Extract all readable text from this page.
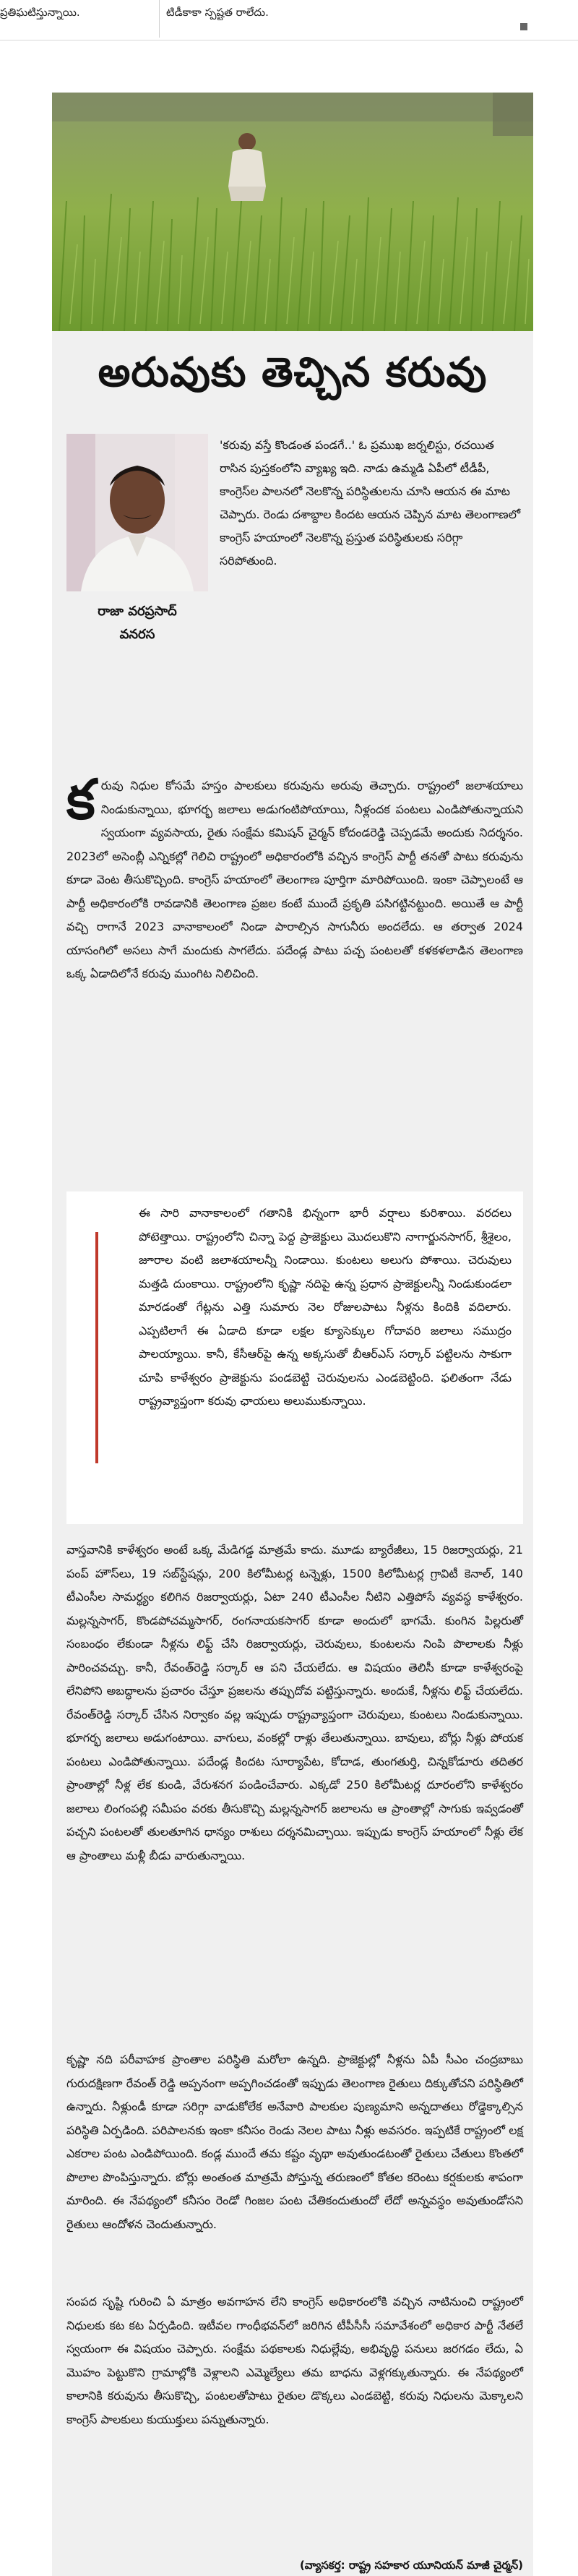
ప్రతిఘటిస్తున్నాయి.	టిడీకాకా స్పష్టత రాలేదు.
అరువుకు తెచ్చిన కరువు
రాజా వరప్రసాద్
వనరస
'కరువు వస్తే కొండంత పండగే..' ఓ ప్రముఖ జర్నలిస్టు, రచయిత రాసిన పుస్తకంలోని వ్యాఖ్య ఇది. నాడు ఉమ్మడి ఏపీలో టీడీపీ, కాంగ్రెస్‌ల పాలనలో నెలకొన్న పరిస్థితులను చూసి ఆయన ఈ మాట చెప్పారు. రెండు దశాబ్దాల కిందట ఆయన చెప్పిన మాట తెలంగాణలో కాంగ్రెస్ హయాంలో నెలకొన్న ప్రస్తుత పరిస్థితులకు సరిగ్గా సరిపోతుంది.
కరువు నిధుల కోసమే హస్తం పాలకులు కరువును అరువు తెచ్చారు. రాష్ట్రంలో జలాశయాలు నిండుకున్నాయి, భూగర్భ జలాలు అడుగంటిపోయాయి, నీళ్లందక పంటలు ఎండిపోతున్నాయని స్వయంగా వ్యవసాయ, రైతు సంక్షేమ కమిషన్ చైర్మన్ కోదండరెడ్డి చెప్పడమే అందుకు నిదర్శనం. 2023లో అసెంబ్లీ ఎన్నికల్లో గెలిచి రాష్ట్రంలో అధికారంలోకి వచ్చిన కాంగ్రెస్ పార్టీ తనతో పాటు కరువును కూడా వెంట తీసుకొచ్చింది. కాంగ్రెస్ హయాంలో తెలంగాణ పూర్తిగా మారిపోయింది. ఇంకా చెప్పాలంటే ఆ పార్టీ అధికారంలోకి రావడానికి తెలంగాణ ప్రజల కంటే ముందే ప్రకృతి పసిగట్టినట్టుంది. అయితే ఆ పార్టీ వచ్చి రాగానే 2023 వానాకాలంలో నిండా పారాల్సిన సాగునీరు అందలేదు. ఆ తర్వాత 2024 యాసంగిలో అసలు సాగే మందుకు సాగలేదు. పదేండ్ల పాటు పచ్చ పంటలతో కళకళలాడిన తెలంగాణ ఒక్క ఏడాదిలోనే కరువు ముంగిట నిలిచింది.
ఈ సారి వానాకాలంలో గతానికి భిన్నంగా భారీ వర్షాలు కురిశాయి. వరదలు పోటెత్తాయి. రాష్ట్రంలోని చిన్నా పెద్ద ప్రాజెక్టులు మొదలుకొని నాగార్జునసాగర్, శ్రీశైలం, జూరాల వంటి జలాశయాలన్నీ నిండాయి. కుంటలు అలుగు పోశాయి. చెరువులు మత్తడి దుంకాయి. రాష్ట్రంలోని కృష్ణా నదిపై ఉన్న ప్రధాన ప్రాజెక్టులన్నీ నిండుకుండలా మారడంతో గేట్లను ఎత్తి సుమారు నెల రోజులపాటు నీళ్లను కిందికి వదిలారు. ఎప్పటిలాగే ఈ ఏడాది కూడా లక్షల క్యూసెక్కుల గోదావరి జలాలు సముద్రం పాలయ్యాయి. కానీ, కేసీఆర్‌పై ఉన్న అక్కసుతో బీఆర్‌ఎస్ సర్కార్ పట్టిలను సాకుగా చూపి కాళేశ్వరం ప్రాజెక్టును పండబెట్టి చెరువులను ఎండబెట్టింది. ఫలితంగా నేడు రాష్ట్రవ్యాప్తంగా కరువు ఛాయలు అలుముకున్నాయి.
వాస్తవానికి కాళేశ్వరం అంటే ఒక్క మేడిగడ్డ మాత్రమే కాదు. మూడు బ్యారేజీలు, 15 రిజర్వాయర్లు, 21 పంప్ హౌస్‌లు, 19 సబ్‌స్టేషన్లు, 200 కిలోమీటర్ల టన్నెళ్లు, 1500 కిలోమీటర్ల గ్రావిటీ కెనాల్, 140 టీఎంసీల సామర్థ్యం కలిగిన రిజర్వాయర్లు, ఏటా 240 టీఎంసీల నీటిని ఎత్తిపోసే వ్యవస్థ కాళేశ్వరం. మల్లన్నసాగర్, కొండపోచమ్మసాగర్, రంగనాయకసాగర్ కూడా అందులో భాగమే. కుంగిన పిల్లరుతో సంబంధం లేకుండా నీళ్లను లిఫ్ట్ చేసి రిజర్వాయర్లు, చెరువులు, కుంటలను నింపి పొలాలకు నీళ్లు పారించవచ్చు. కానీ, రేవంత్‌రెడ్డి సర్కార్ ఆ పని చేయలేదు. ఆ విషయం తెలిసీ కూడా కాళేశ్వరంపై లేనిపోని అబద్ధాలను ప్రచారం చేస్తూ ప్రజలను తప్పుదోవ పట్టిస్తున్నారు. అందుకే, నీళ్లను లిఫ్ట్ చేయలేదు. రేవంత్‌రెడ్డి సర్కార్ చేసిన నిర్వాకం వల్ల ఇప్పుడు రాష్ట్రవ్యాప్తంగా చెరువులు, కుంటలు నిండుకున్నాయి. భూగర్భ జలాలు అడుగంటాయి. వాగులు, వంకల్లో రాళ్లు తేలుతున్నాయి. బావులు, బోర్లు నీళ్లు పోయక పంటలు ఎండిపోతున్నాయి. పదేండ్ల కిందట సూర్యాపేట, కోదాడ, తుంగతుర్తి, చిన్నకోడూరు తదితర ప్రాంతాల్లో నీళ్ల లేక కుండి, వేరుశనగ పండించేవారు. ఎక్కడో 250 కిలోమీటర్ల దూరంలోని కాళేశ్వరం జలాలు లింగంపల్లి సమీపం వరకు తీసుకొచ్చి మల్లన్నసాగర్ జలాలను ఆ ప్రాంతాల్లో సాగుకు ఇవ్వడంతో పచ్చని పంటలతో తులతూగిన ధాన్యం రాశులు దర్శనమిచ్చాయి. ఇప్పుడు కాంగ్రెస్ హయాంలో నీళ్లు లేక ఆ ప్రాంతాలు మళ్లీ బీడు వారుతున్నాయి.
కృష్ణా నది పరీవాహక ప్రాంతాల పరిస్థితి మరోలా ఉన్నది. ప్రాజెక్టుల్లో నీళ్లను ఏపీ సీఎం చంద్రబాబు గురుదక్షిణగా రేవంత్ రెడ్డి అప్పనంగా అప్పగించడంతో ఇప్పుడు తెలంగాణ రైతులు దిక్కుతోచని పరిస్థితిలో ఉన్నారు. నీళ్లుండీ కూడా సరిగ్గా వాడుకోలేక అనేవారి పాలకుల పుణ్యమాని అన్నదాతలు రోడ్డెక్కాల్సిన పరిస్థితి ఏర్పడింది. పరిపాలనకు ఇంకా కనీసం రెండు నెలల పాటు నీళ్లు అవసరం. ఇప్పటికే రాష్ట్రంలో లక్ష ఎకరాల పంట ఎండిపోయింది. కండ్ల ముందే తమ కష్టం వృథా అవుతుండటంతో రైతులు చేతులు కొంతలో పొలాల పొంపిస్తున్నారు. బోర్లు అంతంత మాత్రమే పోస్తున్న తరుణంలో కోతల కరెంటు కర్షకులకు శాపంగా మారింది. ఈ నేపథ్యంలో కనీసం రెండో గింజల పంట చేతికందుతుందో లేదో అన్నవస్థం అవుతుండోసని రైతులు ఆందోళన చెందుతున్నారు.
సంపద సృష్టి గురించి ఏ మాత్రం అవగాహన లేని కాంగ్రెస్ అధికారంలోకి వచ్చిన నాటినుంచి రాష్ట్రంలో నిధులకు కట కట ఏర్పడింది. ఇటీవల గాంధీభవన్‌లో జరిగిన టీపీసీసీ సమావేశంలో అధికార పార్టీ నేతలే స్వయంగా ఈ విషయం చెప్పారు. సంక్షేమ పథకాలకు నిధుల్లేవు, అభివృద్ధి పనులు జరగడం లేదు, ఏ మొహం పెట్టుకొని గ్రామాల్లోకి వెళ్లాలని ఎమ్మెల్యేలు తమ బాధను వెళ్లగక్కుతున్నారు. ఈ నేపథ్యంలో కాలానికి కరువును తీసుకొచ్చి, పంటలతోపాటు రైతుల డొక్కలు ఎండబెట్టి, కరువు నిధులను మెక్కాలని కాంగ్రెస్ పాలకులు కుయుక్తులు పన్నుతున్నారు.
(వ్యాసకర్త: రాష్ట్ర సహకార యూనియన్ మాజీ చైర్మన్)
